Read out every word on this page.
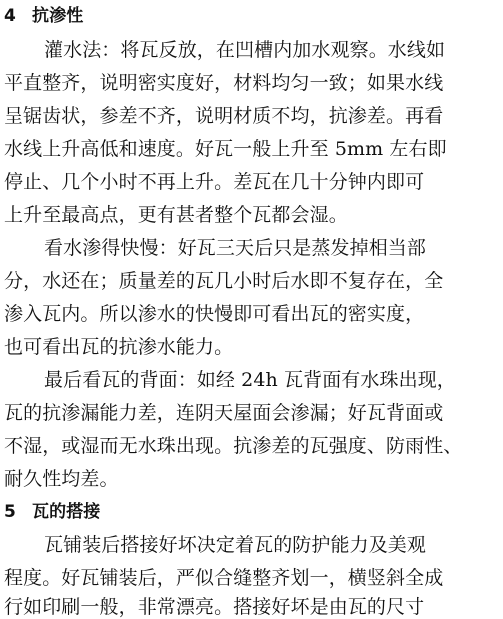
4 抗渗性
灌水法：将瓦反放，在凹槽内加水观察。水线如
平直整齐，说明密实度好，材料均匀一致；如果水线
呈锯齿状，参差不齐，说明材质不均，抗渗差。再看
水线上升高低和速度。好瓦一般上升至 5mm 左右即
停止、几个小时不再上升。差瓦在几十分钟内即可
上升至最高点，更有甚者整个瓦都会湿。
看水渗得快慢：好瓦三天后只是蒸发掉相当部
分，水还在；质量差的瓦几小时后水即不复存在，全
渗入瓦内。所以渗水的快慢即可看出瓦的密实度，
也可看出瓦的抗渗水能力。
最后看瓦的背面：如经 24h 瓦背面有水珠出现，
瓦的抗渗漏能力差，连阴天屋面会渗漏；好瓦背面或
不湿，或湿而无水珠出现。抗渗差的瓦强度、防雨性、
耐久性均差。
5 瓦的搭接
瓦铺装后搭接好坏决定着瓦的防护能力及美观
程度。好瓦铺装后，严似合缝整齐划一，横竖斜全成
行如印刷一般，非常漂亮。搭接好坏是由瓦的尺寸
